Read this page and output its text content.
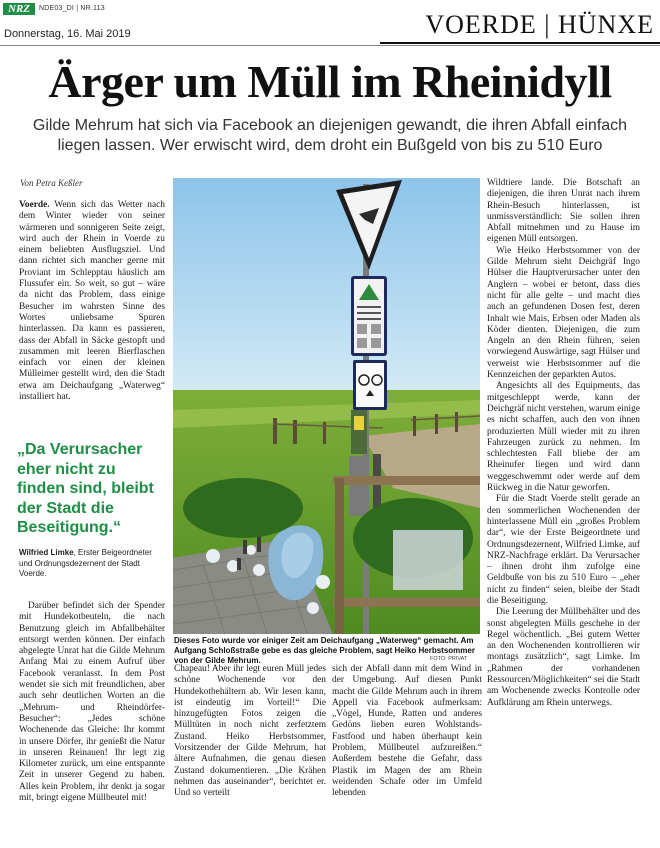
NRZ	NDE03_DI | NR.113
Donnerstag, 16. Mai 2019	VOERDE | HÜNXE
Ärger um Müll im Rheinidyll
Gilde Mehrum hat sich via Facebook an diejenigen gewandt, die ihren Abfall einfach liegen lassen. Wer erwischt wird, dem droht ein Bußgeld von bis zu 510 Euro
Von Petra Keßler

Voerde. Wenn sich das Wetter nach dem Winter wieder von seiner wärmeren und sonnigeren Seite zeigt, wird auch der Rhein in Voerde zu einem beliebten Ausflugsziel. Und dann richtet sich mancher gerne mit Proviant im Schlepptau häuslich am Flussufer ein. So weit, so gut – wäre da nicht das Problem, dass einige Besucher im wahrsten Sinne des Wortes unliebsame Spuren hinterlassen. Da kann es passieren, dass der Abfall in Säcke gestopft und zusammen mit leeren Bierflaschen einfach vor einen der kleinen Mülleimer gestellt wird, den die Stadt etwa am Deichaufgang „Waterweg“ installiert hat.

„Da Verursacher eher nicht zu finden sind, bleibt der Stadt die Beseitigung.“
Wilfried Limke, Erster Beigeordneter und Ordnungsdezernent der Stadt Voerde.

Darüber befindet sich der Spender mit Hundekotbeuteln, die nach Benutzung gleich im Abfallbehälter entsorgt werden können. Der einfach abgelegte Unrat hat die Gilde Mehrum Anfang Mai zu einem Aufruf über Facebook veranlasst. In dem Post wendet sie sich mit freundlichen, aber auch sehr deutlichen Worten an die „Mehrum- und Rheindörfer-Besucher“: „Jedes schöne Wochenende das Gleiche: Ihr kommt in unsere Dörfer, ihr genießt die Natur in unseren Reinauen! Ihr legt zig Kilometer zurück, um eine entspannte Zeit in unserer Gegend zu haben. Alles kein Problem, ihr denkt ja sogar mit, bringt eigene Müllbeutel mit!

Dieses Foto wurde vor einiger Zeit am Deichaufgang „Waterweg“ gemacht. Am Aufgang Schloßstraße gebe es das gleiche Problem, sagt Heiko Herbstsommer von der Gilde Mehrum.	FOTO: PRIVAT

Chapeau! Aber ihr legt euren Müll jedes schöne Wochenende vor den Hundekotbehältern ab. Wir lesen kann, ist eindeutig im Vorteil!“ Die hinzugefügten Fotos zeigen die Mülltüten in noch nicht zerfetztem Zustand. Heiko Herbstsommer, Vorsitzender der Gilde Mehrum, hat ältere Aufnahmen, die genau diesen Zustand dokumentieren. „Die Krähen nehmen das auseinander“, berichtet er. Und so verteilt

sich der Abfall dann mit dem Wind in der Umgebung. Auf diesen Punkt macht die Gilde Mehrum auch in ihrem Appell via Facebook aufmerksam: „Vögel, Hunde, Ratten und anderes Gedöns lieben euren Wohlstands-Fastfood und haben überhaupt kein Problem, Müllbeutel aufzureißen.“ Außerdem bestehe die Gefahr, dass Plastik im Magen der am Rhein weidenden Schafe oder im Umfeld lebenden

Wildtiere lande. Die Botschaft an diejenigen, die ihren Unrat nach ihrem Rhein-Besuch hinterlassen, ist unmissverständlich: Sie sollen ihren Abfall mitnehmen und zu Hause im eigenen Müll entsorgen.

Wie Heiko Herbstsommer von der Gilde Mehrum sieht Deichgräf Ingo Hülser die Hauptverursacher unter den Anglern – wobei er betont, dass dies nicht für alle gelte – und macht dies auch an gefundenen Dosen fest, deren Inhalt wie Mais, Erbsen oder Maden als Köder dienten. Diejenigen, die zum Angeln an den Rhein führen, seien vorwiegend Auswärtige, sagt Hülser und verweist wie Herbstsommer auf die Kennzeichen der geparkten Autos.

Angesichts all des Equipments, das mitgeschleppt werde, kann der Deichgräf nicht verstehen, warum einige es nicht schaffen, auch den von ihnen produzierten Müll wieder mit zu ihren Fahrzeugen zurück zu nehmen. Im schlechtesten Fall bliebe der am Rheinufer liegen und wird dann weggeschwemmt oder werde auf dem Rückweg in die Natur geworfen.

Für die Stadt Voerde stellt gerade an den sommerlichen Wochenenden der hinterlassene Müll ein „großes Problem dar“, wie der Erste Beigeordnete und Ordnungsdezernent, Wilfried Limke, auf NRZ-Nachfrage erklärt. Da Verursacher – ihnen droht ihm zufolge eine Geldbuße von bis zu 510 Euro – „eher nicht zu finden“ seien, bleibe der Stadt die Beseitigung.

Die Leerung der Müllbehälter und des sonst abgelegten Mülls geschehe in der Regel wöchentlich. „Bei gutem Wetter an den Wochenenden kontrollieren wir montags zusätzlich“, sagt Limke. Im „Rahmen der vorhandenen Ressourcen/Möglichkeiten“ sei die Stadt am Wochenende zwecks Kontrolle oder Aufklärung am Rhein unterwegs.
